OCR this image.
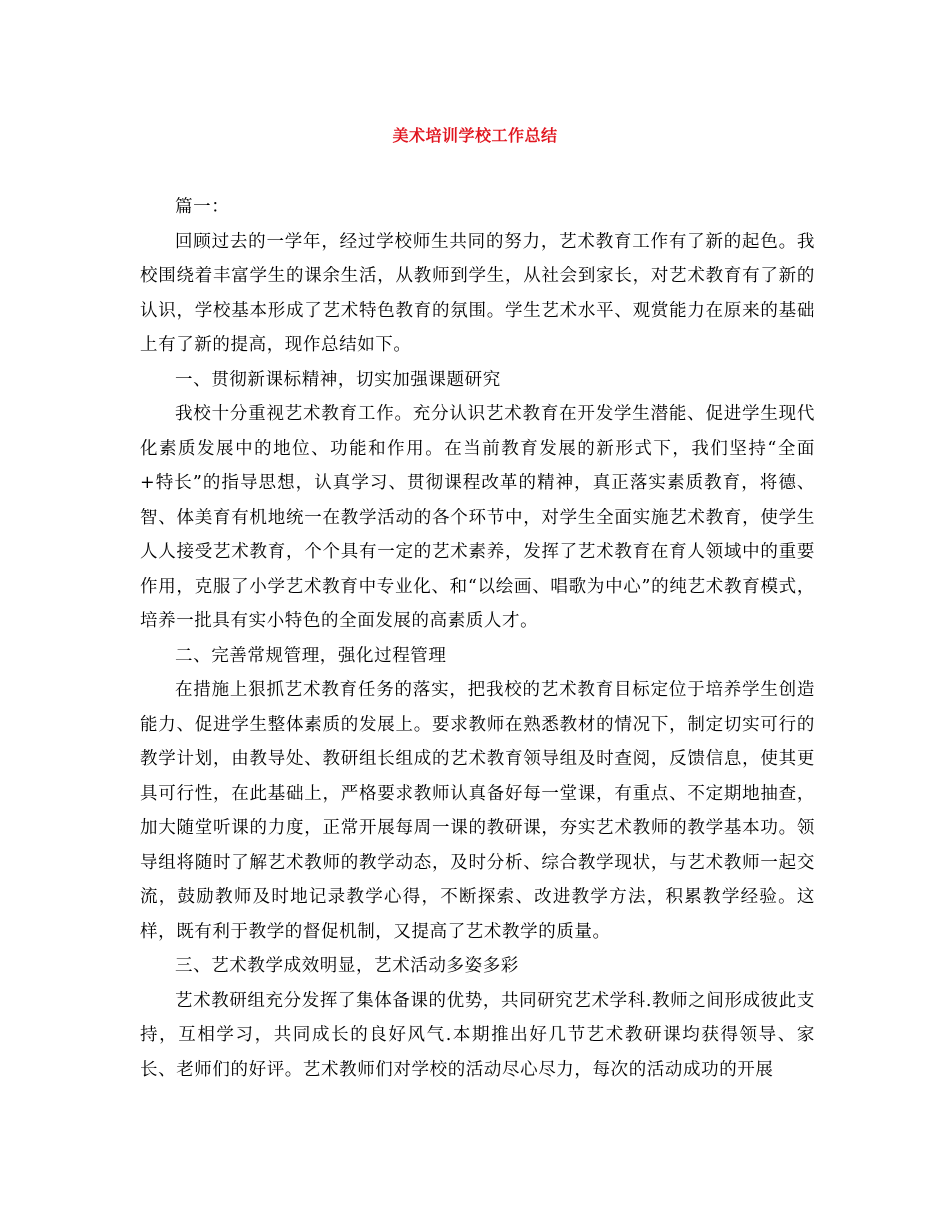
美术培训学校工作总结

篇一：

回顾过去的一学年，经过学校师生共同的努力，艺术教育工作有了新的起色。我校围绕着丰富学生的课余生活，从教师到学生，从社会到家长，对艺术教育有了新的认识，学校基本形成了艺术特色教育的氛围。学生艺术水平、观赏能力在原来的基础上有了新的提高，现作总结如下。

一、贯彻新课标精神，切实加强课题研究

我校十分重视艺术教育工作。充分认识艺术教育在开发学生潜能、促进学生现代化素质发展中的地位、功能和作用。在当前教育发展的新形式下，我们坚持“全面+特长”的指导思想，认真学习、贯彻课程改革的精神，真正落实素质教育，将德、智、体美育有机地统一在教学活动的各个环节中，对学生全面实施艺术教育，使学生人人接受艺术教育，个个具有一定的艺术素养，发挥了艺术教育在育人领域中的重要作用，克服了小学艺术教育中专业化、和“以绘画、唱歌为中心”的纯艺术教育模式，培养一批具有实小特色的全面发展的高素质人才。

二、完善常规管理，强化过程管理

在措施上狠抓艺术教育任务的落实，把我校的艺术教育目标定位于培养学生创造能力、促进学生整体素质的发展上。要求教师在熟悉教材的情况下，制定切实可行的教学计划，由教导处、教研组长组成的艺术教育领导组及时查阅，反馈信息，使其更具可行性，在此基础上，严格要求教师认真备好每一堂课，有重点、不定期地抽查，加大随堂听课的力度，正常开展每周一课的教研课，夯实艺术教师的教学基本功。领导组将随时了解艺术教师的教学动态，及时分析、综合教学现状，与艺术教师一起交流，鼓励教师及时地记录教学心得，不断探索、改进教学方法，积累教学经验。这样，既有利于教学的督促机制，又提高了艺术教学的质量。

三、艺术教学成效明显，艺术活动多姿多彩

艺术教研组充分发挥了集体备课的优势，共同研究艺术学科.教师之间形成彼此支持，互相学习，共同成长的良好风气.本期推出好几节艺术教研课均获得领导、家长、老师们的好评。艺术教师们对学校的活动尽心尽力，每次的活动成功的开展
